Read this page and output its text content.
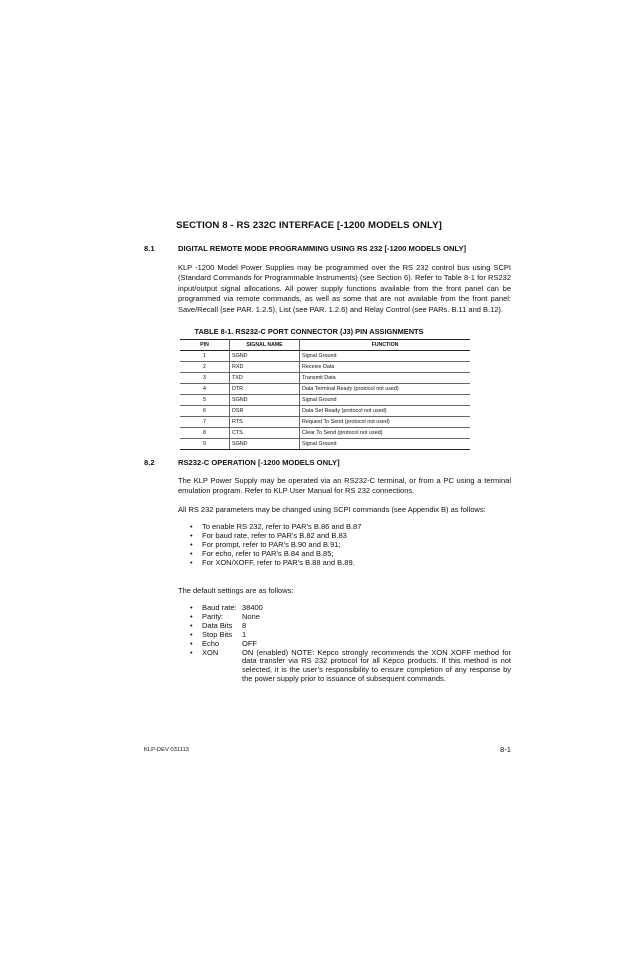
SECTION 8 - RS 232C INTERFACE [-1200 MODELS ONLY]
8.1	DIGITAL REMOTE MODE PROGRAMMING USING RS 232 [-1200 MODELS ONLY]
KLP -1200 Model Power Supplies may be programmed over the RS 232 control bus using SCPI (Standard Commands for Programmable Instruments) (see Section 6). Refer to Table 8-1 for RS232 input/output signal allocations. All power supply functions available from the front panel can be programmed via remote commands, as well as some that are not available from the front panel: Save/Recall (see PAR. 1.2.5), List (see PAR. 1.2.6) and Relay Control (see PARs. B.11 and B.12).
TABLE 8-1. RS232-C PORT CONNECTOR (J3) PIN ASSIGNMENTS
PIN	SIGNAL NAME	FUNCTION
1	SGND	Signal Ground
2	RXD	Receive Data
3	TXD	Transmit Data
4	DTR	Data Terminal Ready (protocol not used)
5	SGND	Signal Ground
6	DSR	Data Set Ready (protocol not used)
7	RTS	Request To Send (protocol not used)
8	CTS	Clear To Send (protocol not used)
9	SGND	Signal Ground
8.2	RS232-C OPERATION [-1200 MODELS ONLY]
The KLP Power Supply may be operated via an RS232-C terminal, or from a PC using a terminal emulation program. Refer to KLP User Manual for RS 232 connections.
All RS 232 parameters may be changed using SCPI commands (see Appendix B) as follows:
•	To enable RS 232, refer to PAR’s B.86 and B.87
•	For baud rate, refer to PAR’s B.82 and B.83
•	For prompt, refer to PAR’s B.90 and B.91;
•	For echo, refer to PAR’s B.84 and B.85;
•	For XON/XOFF, refer to PAR’s B.88 and B.89.
The default settings are as follows:
•	Baud rate: 38400
•	Parity:	None
•	Data Bits	8
•	Stop Bits	1
•	Echo	OFF
•	XON	ON (enabled) NOTE: Kepco strongly recommends the XON XOFF method for data transfer via RS 232 protocol for all Kepco products. If this method is not selected, it is the user’s responsibility to ensure completion of any response by the power supply prior to issuance of subsequent commands.
KLP-DEV 031113	8-1
